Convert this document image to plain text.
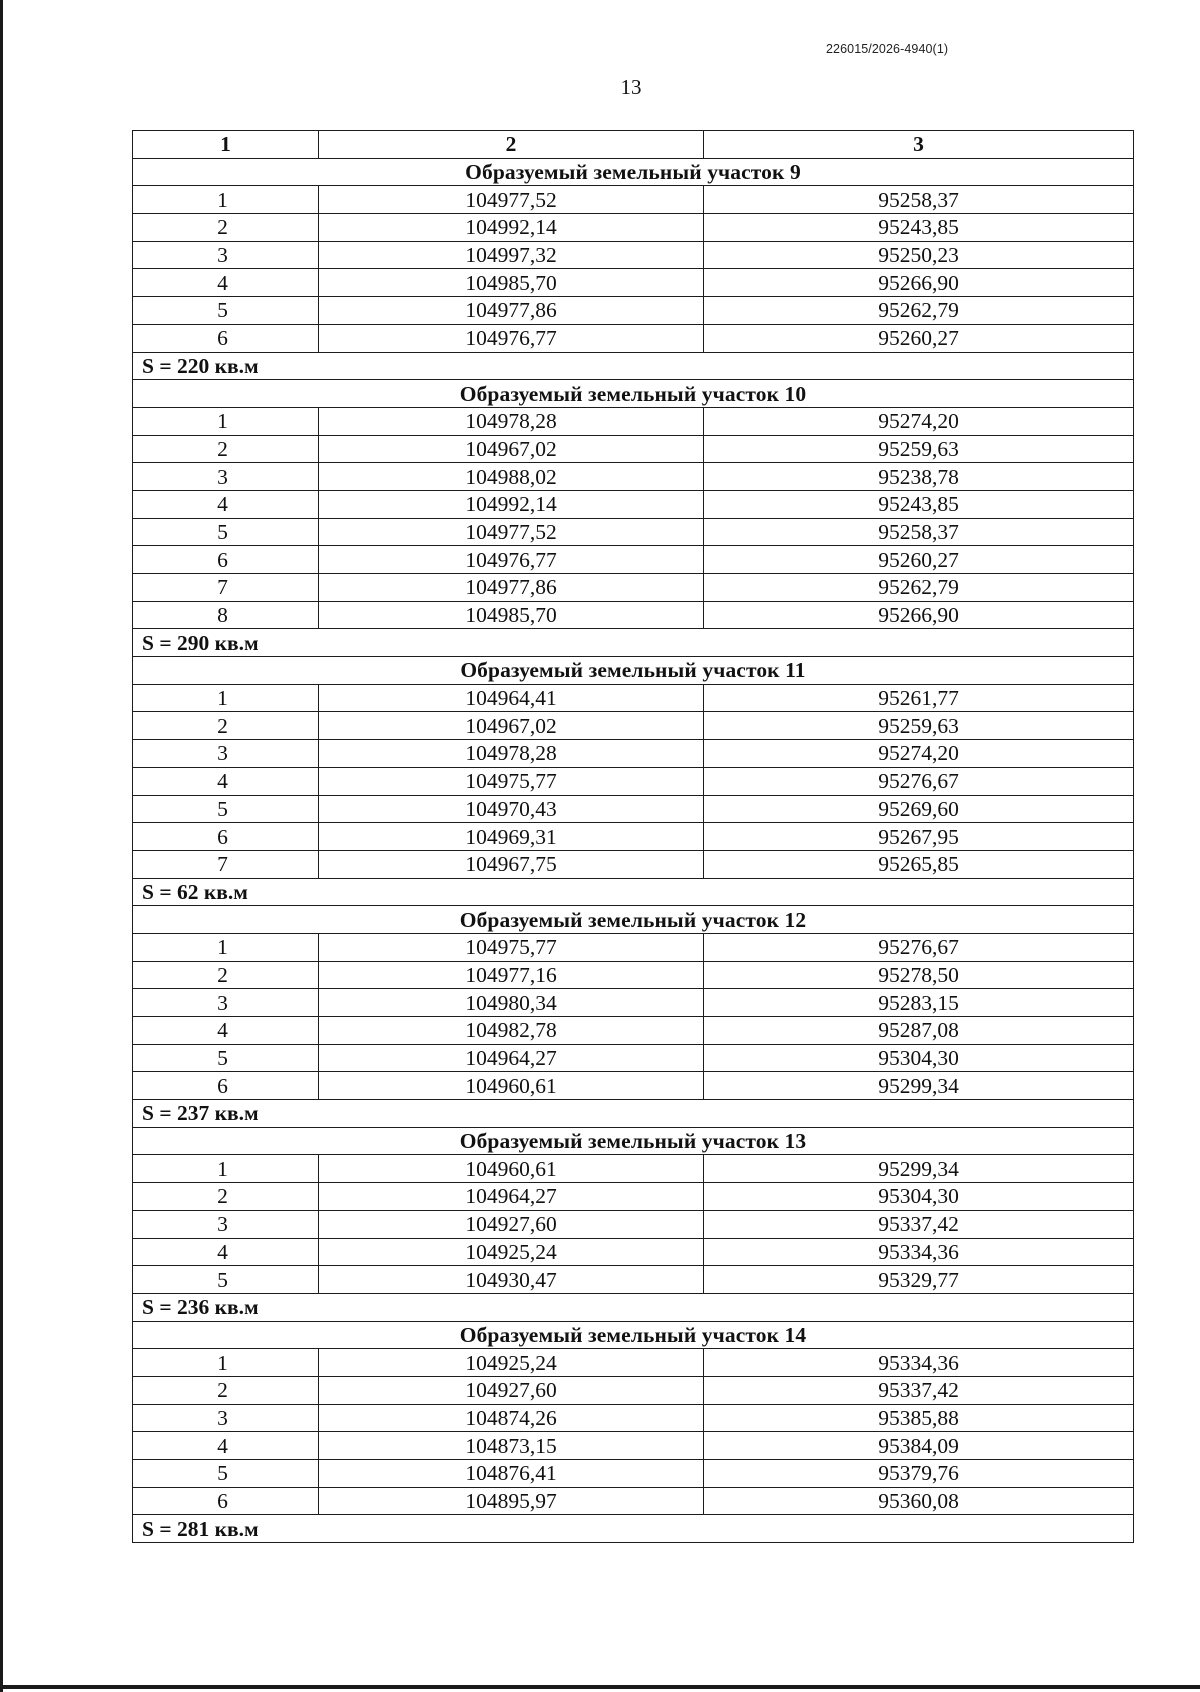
226015/2026-4940(1)
13
1	2	3
Образуемый земельный участок 9		
1	104977,52	95258,37
2	104992,14	95243,85
3	104997,32	95250,23
4	104985,70	95266,90
5	104977,86	95262,79
6	104976,77	95260,27
S = 220 кв.м		
Образуемый земельный участок 10		
1	104978,28	95274,20
2	104967,02	95259,63
3	104988,02	95238,78
4	104992,14	95243,85
5	104977,52	95258,37
6	104976,77	95260,27
7	104977,86	95262,79
8	104985,70	95266,90
S = 290 кв.м		
Образуемый земельный участок 11		
1	104964,41	95261,77
2	104967,02	95259,63
3	104978,28	95274,20
4	104975,77	95276,67
5	104970,43	95269,60
6	104969,31	95267,95
7	104967,75	95265,85
S = 62 кв.м		
Образуемый земельный участок 12		
1	104975,77	95276,67
2	104977,16	95278,50
3	104980,34	95283,15
4	104982,78	95287,08
5	104964,27	95304,30
6	104960,61	95299,34
S = 237 кв.м		
Образуемый земельный участок 13		
1	104960,61	95299,34
2	104964,27	95304,30
3	104927,60	95337,42
4	104925,24	95334,36
5	104930,47	95329,77
S = 236 кв.м		
Образуемый земельный участок 14		
1	104925,24	95334,36
2	104927,60	95337,42
3	104874,26	95385,88
4	104873,15	95384,09
5	104876,41	95379,76
6	104895,97	95360,08
S = 281 кв.м		
